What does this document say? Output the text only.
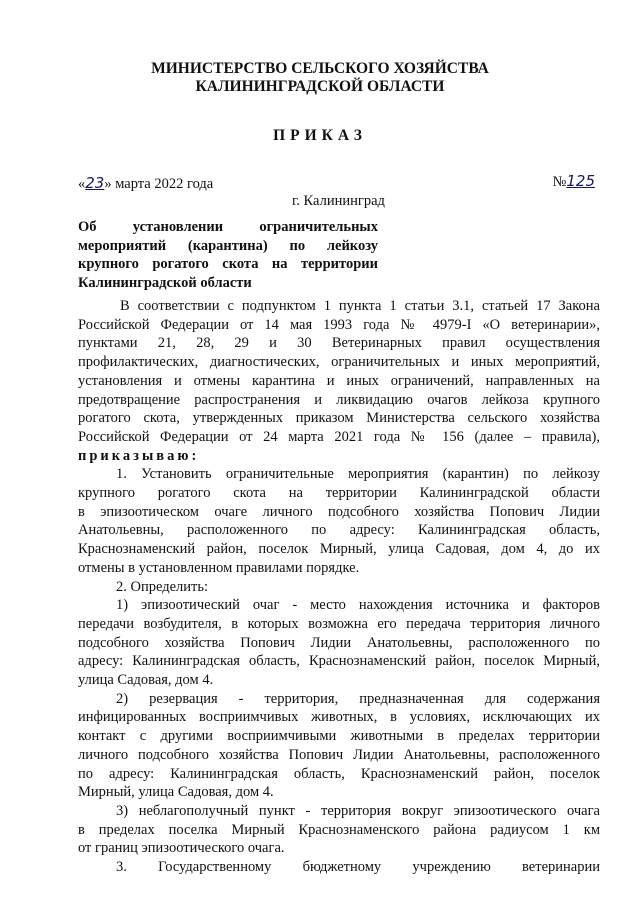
МИНИСТЕРСТВО СЕЛЬСКОГО ХОЗЯЙСТВА
КАЛИНИНГРАДСКОЙ ОБЛАСТИ
ПРИКАЗ
«23» марта 2022 года	№125
г. Калининград
Об установлении ограничительных
мероприятий (карантина) по лейкозу
крупного рогатого скота на территории
Калининградской области
В соответствии с подпунктом 1 пункта 1 статьи 3.1, статьей 17 Закона
Российской Федерации от 14 мая 1993 года № 4979-I «О ветеринарии»,
пунктами 21, 28, 29 и 30 Ветеринарных правил осуществления
профилактических, диагностических, ограничительных и иных мероприятий,
установления и отмены карантина и иных ограничений, направленных на
предотвращение распространения и ликвидацию очагов лейкоза крупного
рогатого скота, утвержденных приказом Министерства сельского хозяйства
Российской Федерации от 24 марта 2021 года № 156 (далее – правила),
приказываю:
1. Установить ограничительные мероприятия (карантин) по лейкозу
крупного рогатого скота на территории Калининградской области
в эпизоотическом очаге личного подсобного хозяйства Попович Лидии
Анатольевны, расположенного по адресу: Калининградская область,
Краснознаменский район, поселок Мирный, улица Садовая, дом 4, до их
отмены в установленном правилами порядке.
2. Определить:
1) эпизоотический очаг - место нахождения источника и факторов
передачи возбудителя, в которых возможна его передача территория личного
подсобного хозяйства Попович Лидии Анатольевны, расположенного по
адресу: Калининградская область, Краснознаменский район, поселок Мирный,
улица Садовая, дом 4.
2) резервация - территория, предназначенная для содержания
инфицированных восприимчивых животных, в условиях, исключающих их
контакт с другими восприимчивыми животными в пределах территории
личного подсобного хозяйства Попович Лидии Анатольевны, расположенного
по адресу: Калининградская область, Краснознаменский район, поселок
Мирный, улица Садовая, дом 4.
3) неблагополучный пункт - территория вокруг эпизоотического очага
в пределах поселка Мирный Краснознаменского района радиусом 1 км
от границ эпизоотического очага.
3. Государственному бюджетному учреждению ветеринарии
